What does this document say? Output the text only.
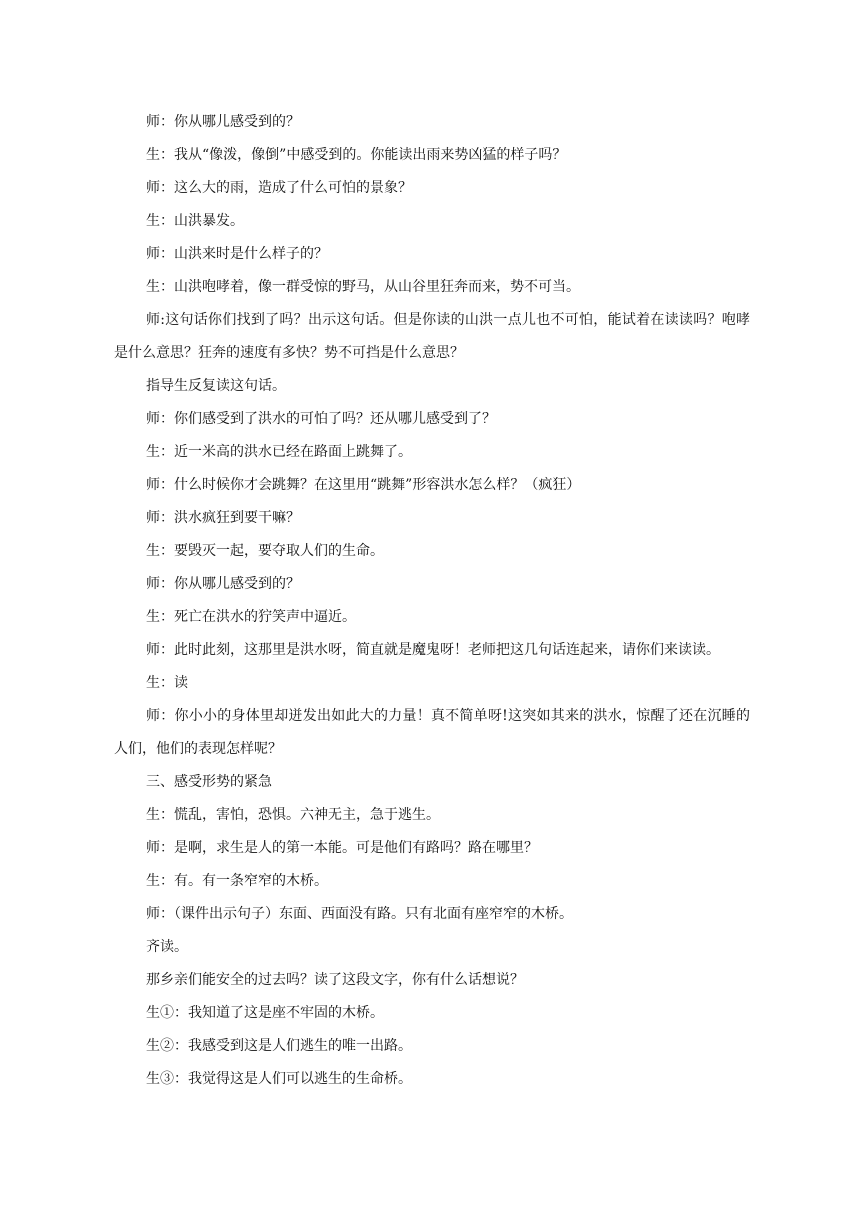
师：你从哪儿感受到的？

生：我从“像泼，像倒”中感受到的。你能读出雨来势凶猛的样子吗？

师：这么大的雨，造成了什么可怕的景象？

生：山洪暴发。

师：山洪来时是什么样子的？

生：山洪咆哮着，像一群受惊的野马，从山谷里狂奔而来，势不可当。

师:这句话你们找到了吗？出示这句话。但是你读的山洪一点儿也不可怕，能试着在读读吗？咆哮是什么意思？狂奔的速度有多快？势不可挡是什么意思？

指导生反复读这句话。

师：你们感受到了洪水的可怕了吗？还从哪儿感受到了？

生：近一米高的洪水已经在路面上跳舞了。

师：什么时候你才会跳舞？在这里用“跳舞”形容洪水怎么样？（疯狂）

师：洪水疯狂到要干嘛？

生：要毁灭一起，要夺取人们的生命。

师：你从哪儿感受到的？

生：死亡在洪水的狞笑声中逼近。

师：此时此刻，这那里是洪水呀，简直就是魔鬼呀！老师把这几句话连起来，请你们来读读。

生：读

师：你小小的身体里却迸发出如此大的力量！真不简单呀!这突如其来的洪水，惊醒了还在沉睡的人们，他们的表现怎样呢？

三、感受形势的紧急

生：慌乱，害怕，恐惧。六神无主，急于逃生。

师：是啊，求生是人的第一本能。可是他们有路吗？路在哪里？

生：有。有一条窄窄的木桥。

师：（课件出示句子）东面、西面没有路。只有北面有座窄窄的木桥。

齐读。

那乡亲们能安全的过去吗？读了这段文字，你有什么话想说？

生①：我知道了这是座不牢固的木桥。

生②：我感受到这是人们逃生的唯一出路。

生③：我觉得这是人们可以逃生的生命桥。
